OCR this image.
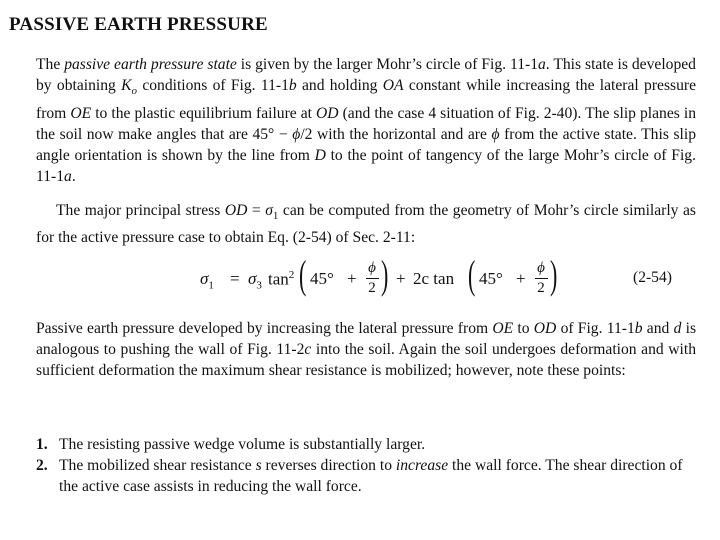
PASSIVE EARTH PRESSURE

The passive earth pressure state is given by the larger Mohr’s circle of Fig. 11-1a. This state is developed by obtaining $K_o$ conditions of Fig. 11-1b and holding OA constant while increasing the lateral pressure from OE to the plastic equilibrium failure at OD (and the case 4 situation of Fig. 2-40). The slip planes in the soil now make angles that are 45° − ϕ/2 with the horizontal and are ϕ from the active state. This slip angle orientation is shown by the line from D to the point of tangency of the large Mohr’s circle of Fig. 11-1a.

The major principal stress OD = $\sigma_1$ can be computed from the geometry of Mohr’s circle similarly as for the active pressure case to obtain Eq. (2-54) of Sec. 2-11:

$\sigma_1 = \sigma_3$ $\tan^2$ ( 45° +
ϕ
2 ) + 2c tan ( 45° +
ϕ
2 )	(2-54)

Passive earth pressure developed by increasing the lateral pressure from OE to OD of Fig. 11-1b and d is analogous to pushing the wall of Fig. 11-2c into the soil. Again the soil undergoes deformation and with sufficient deformation the maximum shear resistance is mobilized; however, note these points:

1. The resisting passive wedge volume is substantially larger.
2. The mobilized shear resistance s reverses direction to increase the wall force. The shear direction of the active case assists in reducing the wall force.
